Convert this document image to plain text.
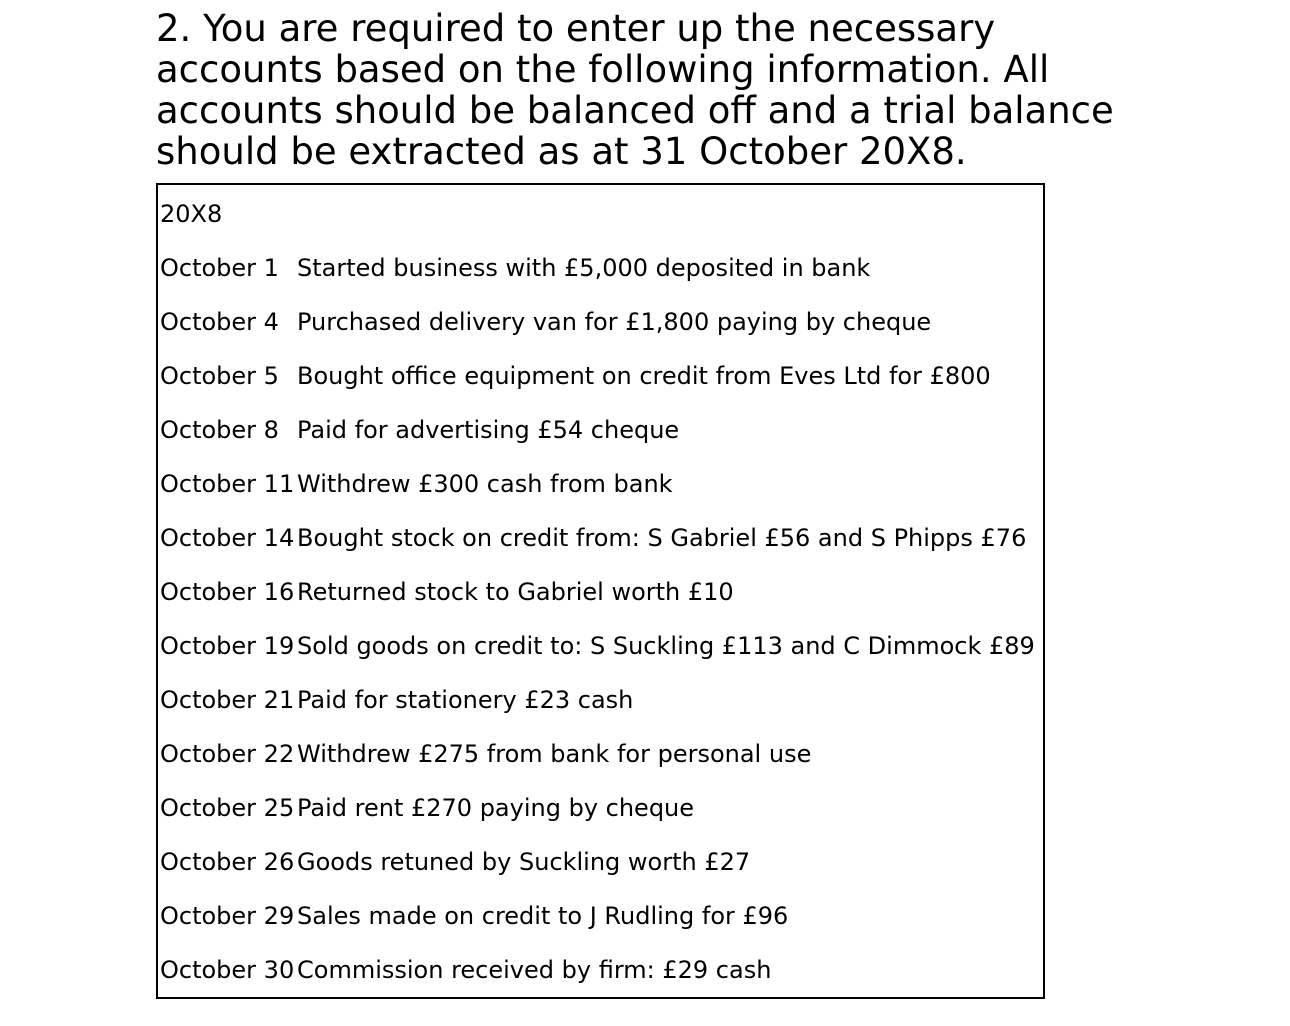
2. You are required to enter up the necessary
accounts based on the following information. All
accounts should be balanced off and a trial balance
should be extracted as at 31 October 20X8.
20X8
October 1 Started business with £5,000 deposited in bank
October 4 Purchased delivery van for £1,800 paying by cheque
October 5 Bought office equipment on credit from Eves Ltd for £800
October 8 Paid for advertising £54 cheque
October 11 Withdrew £300 cash from bank
October 14 Bought stock on credit from: S Gabriel £56 and S Phipps £76
October 16 Returned stock to Gabriel worth £10
October 19 Sold goods on credit to: S Suckling £113 and C Dimmock £89
October 21 Paid for stationery £23 cash
October 22 Withdrew £275 from bank for personal use
October 25 Paid rent £270 paying by cheque
October 26 Goods retuned by Suckling worth £27
October 29 Sales made on credit to J Rudling for £96
October 30 Commission received by firm: £29 cash
